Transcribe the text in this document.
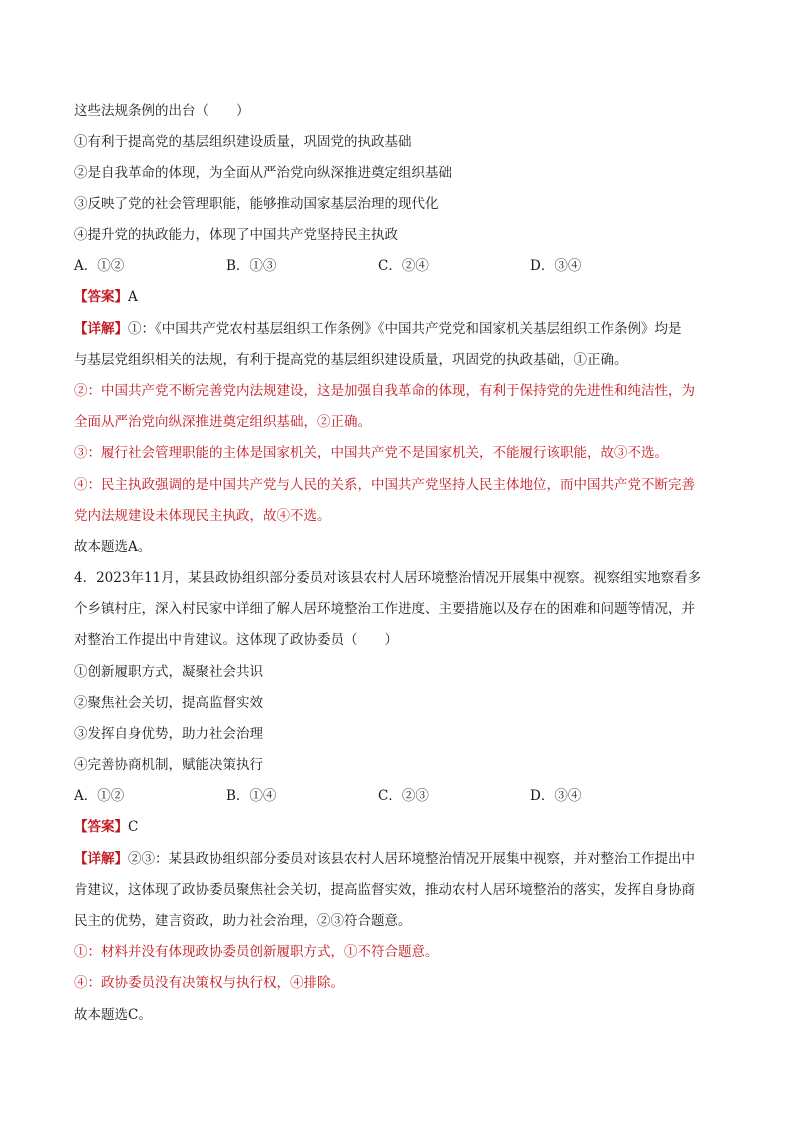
这些法规条例的出台（　　）
①有利于提高党的基层组织建设质量，巩固党的执政基础
②是自我革命的体现，为全面从严治党向纵深推进奠定组织基础
③反映了党的社会管理职能，能够推动国家基层治理的现代化
④提升党的执政能力，体现了中国共产党坚持民主执政
A．①②	B．①③	C．②④	D．③④
【答案】A
【详解】①：《中国共产党农村基层组织工作条例》《中国共产党党和国家机关基层组织工作条例》均是
与基层党组织相关的法规，有利于提高党的基层组织建设质量，巩固党的执政基础，①正确。
②：中国共产党不断完善党内法规建设，这是加强自我革命的体现，有利于保持党的先进性和纯洁性，为
全面从严治党向纵深推进奠定组织基础，②正确。
③：履行社会管理职能的主体是国家机关，中国共产党不是国家机关，不能履行该职能，故③不选。
④：民主执政强调的是中国共产党与人民的关系，中国共产党坚持人民主体地位，而中国共产党不断完善
党内法规建设未体现民主执政，故④不选。
故本题选A。
4．2023年11月，某县政协组织部分委员对该县农村人居环境整治情况开展集中视察。视察组实地察看多
个乡镇村庄，深入村民家中详细了解人居环境整治工作进度、主要措施以及存在的困难和问题等情况，并
对整治工作提出中肯建议。这体现了政协委员（　　）
①创新履职方式，凝聚社会共识
②聚焦社会关切，提高监督实效
③发挥自身优势，助力社会治理
④完善协商机制，赋能决策执行
A．①②	B．①④	C．②③	D．③④
【答案】C
【详解】②③：某县政协组织部分委员对该县农村人居环境整治情况开展集中视察，并对整治工作提出中
肯建议，这体现了政协委员聚焦社会关切，提高监督实效，推动农村人居环境整治的落实，发挥自身协商
民主的优势，建言资政，助力社会治理，②③符合题意。
①：材料并没有体现政协委员创新履职方式，①不符合题意。
④：政协委员没有决策权与执行权，④排除。
故本题选C。
